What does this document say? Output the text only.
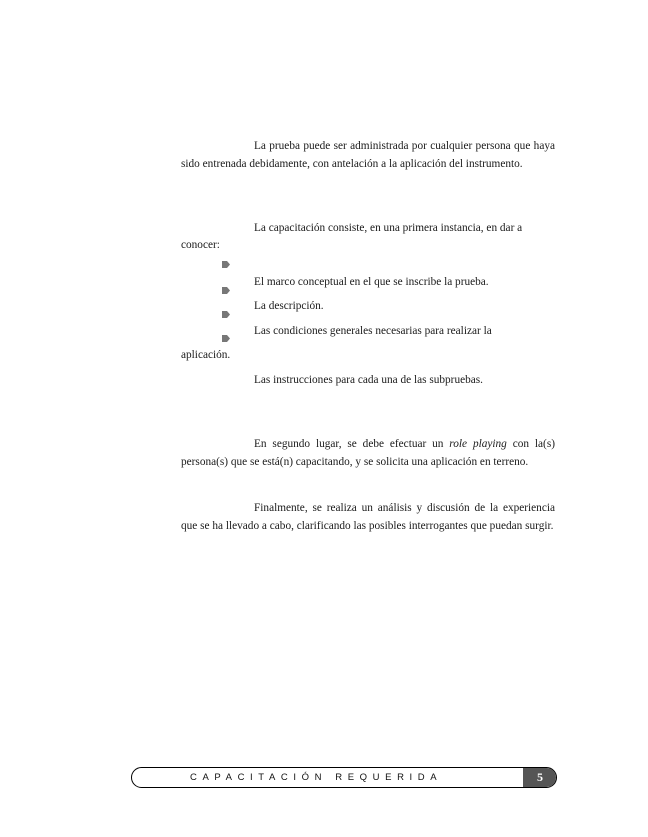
La prueba puede ser administrada por cualquier persona que haya sido entrenada debidamente, con antelación a la aplicación del instrumento.

La capacitación consiste, en una primera instancia, en dar a

conocer:

El marco conceptual en el que se inscribe la prueba.

La descripción.

Las condiciones generales necesarias para realizar la

aplicación.

Las instrucciones para cada una de las subpruebas.

En segundo lugar, se debe efectuar un role playing con la(s) persona(s) que se está(n) capacitando, y se solicita una aplicación en terreno.

Finalmente, se realiza un análisis y discusión de la experiencia que se ha llevado a cabo, clarificando las posibles interrogantes que puedan surgir.

CAPACITACIÓN REQUERIDA	5
